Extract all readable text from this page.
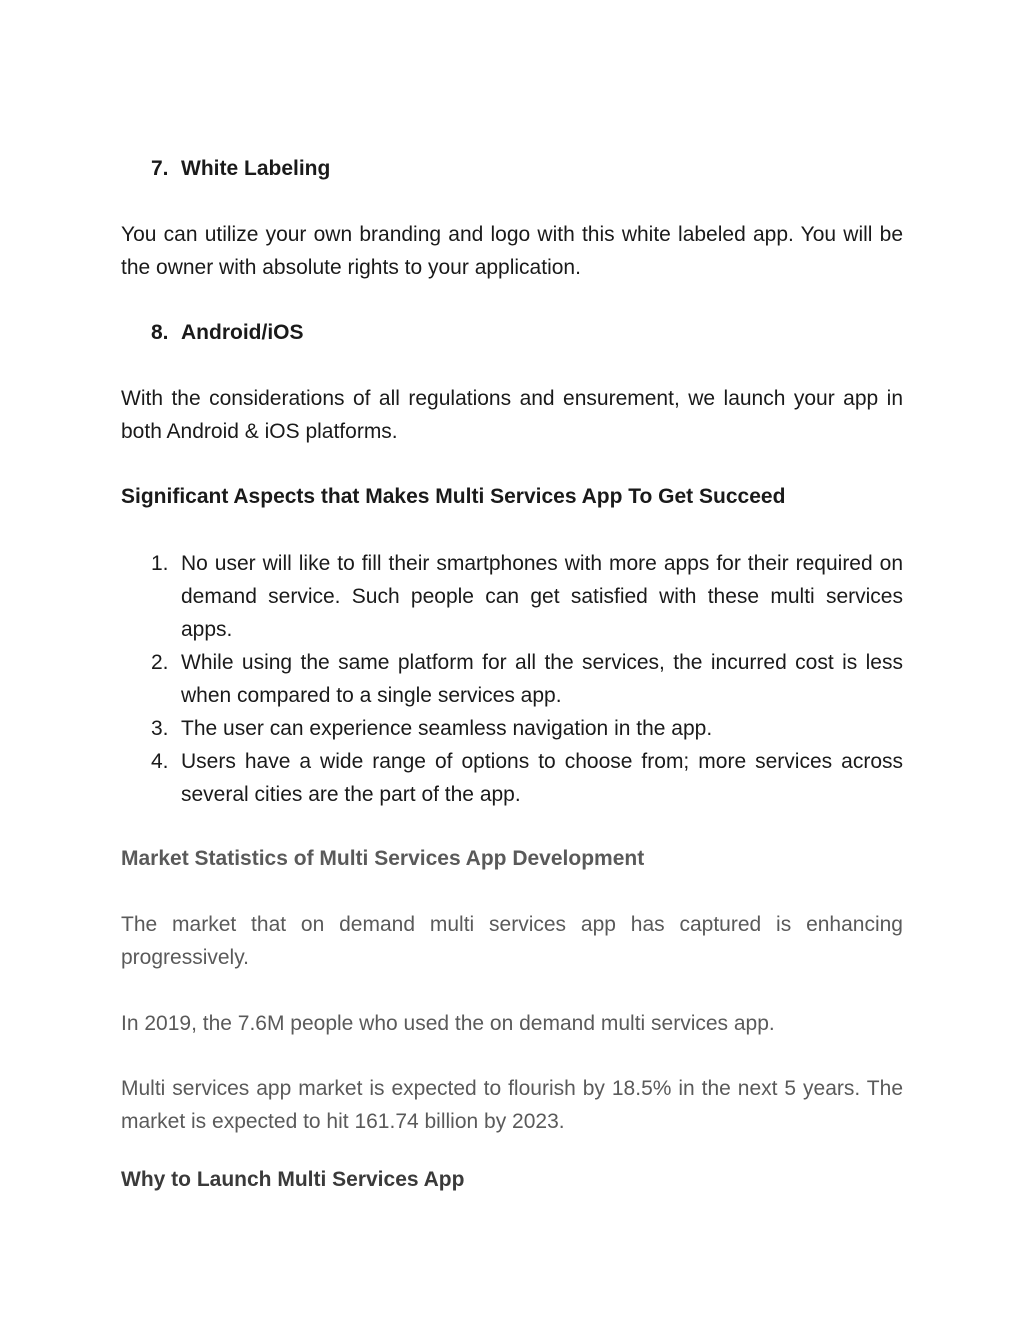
7. White Labeling
You can utilize your own branding and logo with this white labeled app. You will be the owner with absolute rights to your application.
8. Android/iOS
With the considerations of all regulations and ensurement, we launch your app in both Android & iOS platforms.
Significant Aspects that Makes Multi Services App To Get Succeed
1. No user will like to fill their smartphones with more apps for their required on demand service. Such people can get satisfied with these multi services apps.
2. While using the same platform for all the services, the incurred cost is less when compared to a single services app.
3. The user can experience seamless navigation in the app.
4. Users have a wide range of options to choose from; more services across several cities are the part of the app.
Market Statistics of Multi Services App Development
The market that on demand multi services app has captured is enhancing progressively.
In 2019, the 7.6M people who used the on demand multi services app.
Multi services app market is expected to flourish by 18.5% in the next 5 years. The market is expected to hit 161.74 billion by 2023.
Why to Launch Multi Services App
